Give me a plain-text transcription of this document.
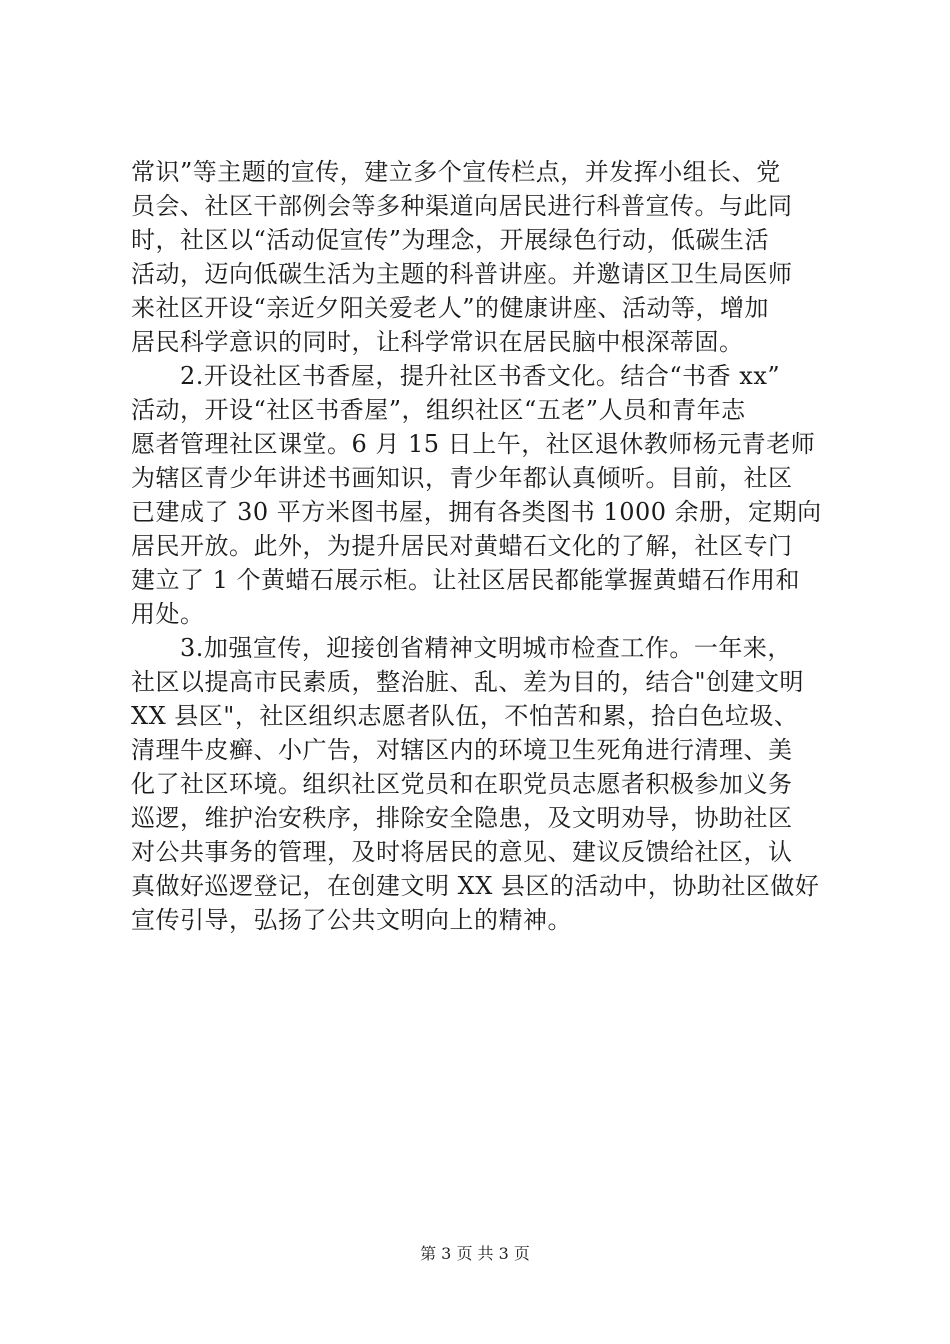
常识”等主题的宣传，建立多个宣传栏点，并发挥小组长、党
员会、社区干部例会等多种渠道向居民进行科普宣传。与此同
时，社区以“活动促宣传”为理念，开展绿色行动，低碳生活
活动，迈向低碳生活为主题的科普讲座。并邀请区卫生局医师
来社区开设“亲近夕阳关爱老人”的健康讲座、活动等，增加
居民科学意识的同时，让科学常识在居民脑中根深蒂固。
　　2.开设社区书香屋，提升社区书香文化。结合“书香 xx”
活动，开设“社区书香屋”，组织社区“五老”人员和青年志
愿者管理社区课堂。6 月 15 日上午，社区退休教师杨元青老师
为辖区青少年讲述书画知识，青少年都认真倾听。目前，社区
已建成了 30 平方米图书屋，拥有各类图书 1000 余册，定期向
居民开放。此外，为提升居民对黄蜡石文化的了解，社区专门
建立了 1 个黄蜡石展示柜。让社区居民都能掌握黄蜡石作用和
用处。
　　3.加强宣传，迎接创省精神文明城市检查工作。一年来，
社区以提高市民素质，整治脏、乱、差为目的，结合"创建文明
XX 县区"，社区组织志愿者队伍，不怕苦和累，拾白色垃圾、
清理牛皮癣、小广告，对辖区内的环境卫生死角进行清理、美
化了社区环境。组织社区党员和在职党员志愿者积极参加义务
巡逻，维护治安秩序，排除安全隐患，及文明劝导，协助社区
对公共事务的管理，及时将居民的意见、建议反馈给社区，认
真做好巡逻登记，在创建文明 XX 县区的活动中，协助社区做好
宣传引导，弘扬了公共文明向上的精神。
第 3 页 共 3 页
